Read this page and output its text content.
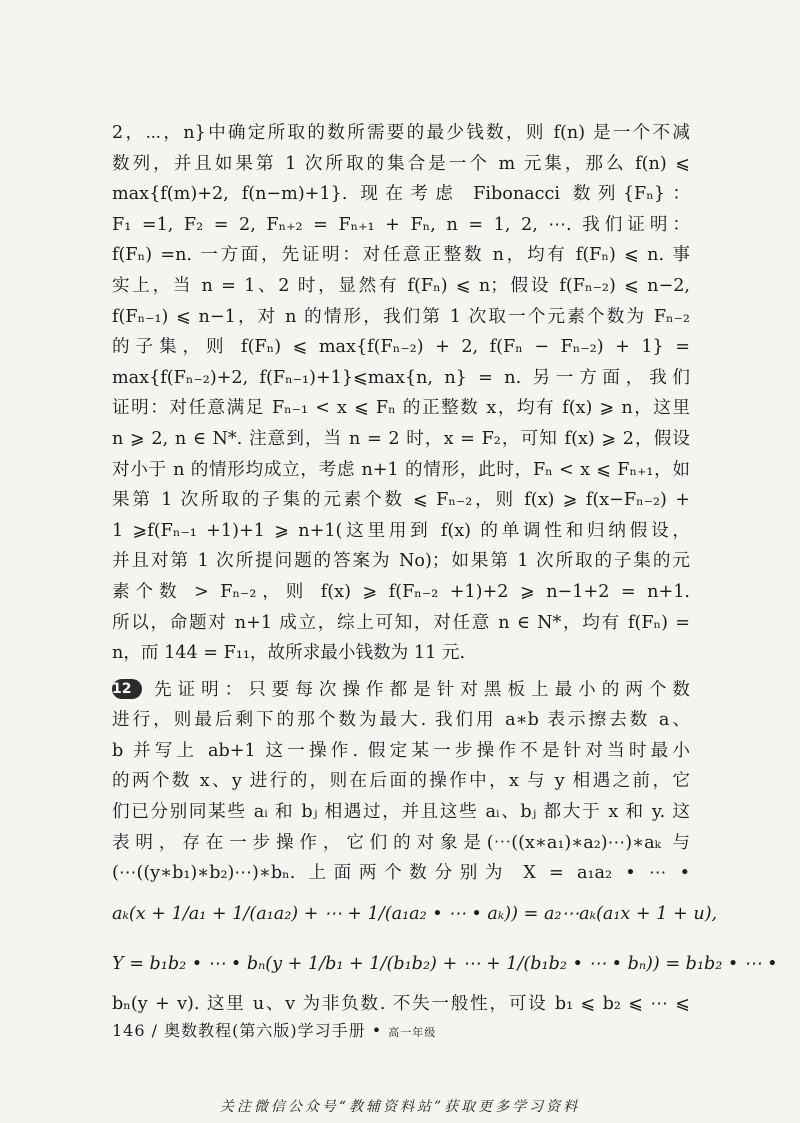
2，⋯，n}中确定所取的数所需要的最少钱数，则 f(n) 是一个不减
数列，并且如果第 1 次所取的集合是一个 m 元集，那么 f(n) ⩽
max{f(m)+2, f(n−m)+1}. 现在考虑 Fibonacci 数列{Fₙ}：
F₁ =1, F₂ = 2, Fₙ₊₂ = Fₙ₊₁ + Fₙ, n = 1, 2, ⋯. 我们证明：
f(Fₙ) =n. 一方面，先证明：对任意正整数 n，均有 f(Fₙ) ⩽ n. 事
实上，当 n = 1、2 时，显然有 f(Fₙ) ⩽ n；假设 f(Fₙ₋₂) ⩽ n−2,
f(Fₙ₋₁) ⩽ n−1，对 n 的情形，我们第 1 次取一个元素个数为 Fₙ₋₂
的子集，则 f(Fₙ) ⩽ max{f(Fₙ₋₂) + 2, f(Fₙ − Fₙ₋₂) + 1} =
max{f(Fₙ₋₂)+2, f(Fₙ₋₁)+1}⩽max{n, n} = n. 另一方面，我们
证明：对任意满足 Fₙ₋₁ < x ⩽ Fₙ 的正整数 x，均有 f(x) ⩾ n，这里
n ⩾ 2, n ∈ N*. 注意到，当 n = 2 时，x = F₂，可知 f(x) ⩾ 2，假设
对小于 n 的情形均成立，考虑 n+1 的情形，此时，Fₙ < x ⩽ Fₙ₊₁，如
果第 1 次所取的子集的元素个数 ⩽ Fₙ₋₂，则 f(x) ⩾ f(x−Fₙ₋₂) +
1 ⩾f(Fₙ₋₁ +1)+1 ⩾ n+1(这里用到 f(x) 的单调性和归纳假设，
并且对第 1 次所提问题的答案为 No)；如果第 1 次所取的子集的元
素个数 > Fₙ₋₂，则 f(x) ⩾ f(Fₙ₋₂ +1)+2 ⩾ n−1+2 = n+1.
所以，命题对 n+1 成立，综上可知，对任意 n ∈ N*，均有 f(Fₙ) =
n，而 144 = F₁₁，故所求最小钱数为 11 元.

12 先证明：只要每次操作都是针对黑板上最小的两个数
进行，则最后剩下的那个数为最大. 我们用 a∗b 表示擦去数 a、
b 并写上 ab+1 这一操作. 假定某一步操作不是针对当时最小
的两个数 x、y 进行的，则在后面的操作中，x 与 y 相遇之前，它
们已分别同某些 aᵢ 和 bⱼ 相遇过，并且这些 aᵢ、bⱼ 都大于 x 和 y. 这
表明，存在一步操作，它们的对象是(⋯((x∗a₁)∗a₂)⋯)∗aₖ 与
(⋯((y∗b₁)∗b₂)⋯)∗bₙ. 上面两个数分别为 X = a₁a₂ • ⋯ •

aₖ(x + 1/a₁ + 1/(a₁a₂) + ⋯ + 1/(a₁a₂ • ⋯ • aₖ)) = a₂⋯aₖ(a₁x + 1 + u),
Y = b₁b₂ • ⋯ • bₙ(y + 1/b₁ + 1/(b₁b₂) + ⋯ + 1/(b₁b₂ • ⋯ • bₙ)) = b₁b₂ • ⋯ •

bₙ(y + v). 这里 u、v 为非负数. 不失一般性，可设 b₁ ⩽ b₂ ⩽ ⋯ ⩽

146 / 奥数教程(第六版)学习手册 • 高一年级
关注微信公众号“教辅资料站”获取更多学习资料
